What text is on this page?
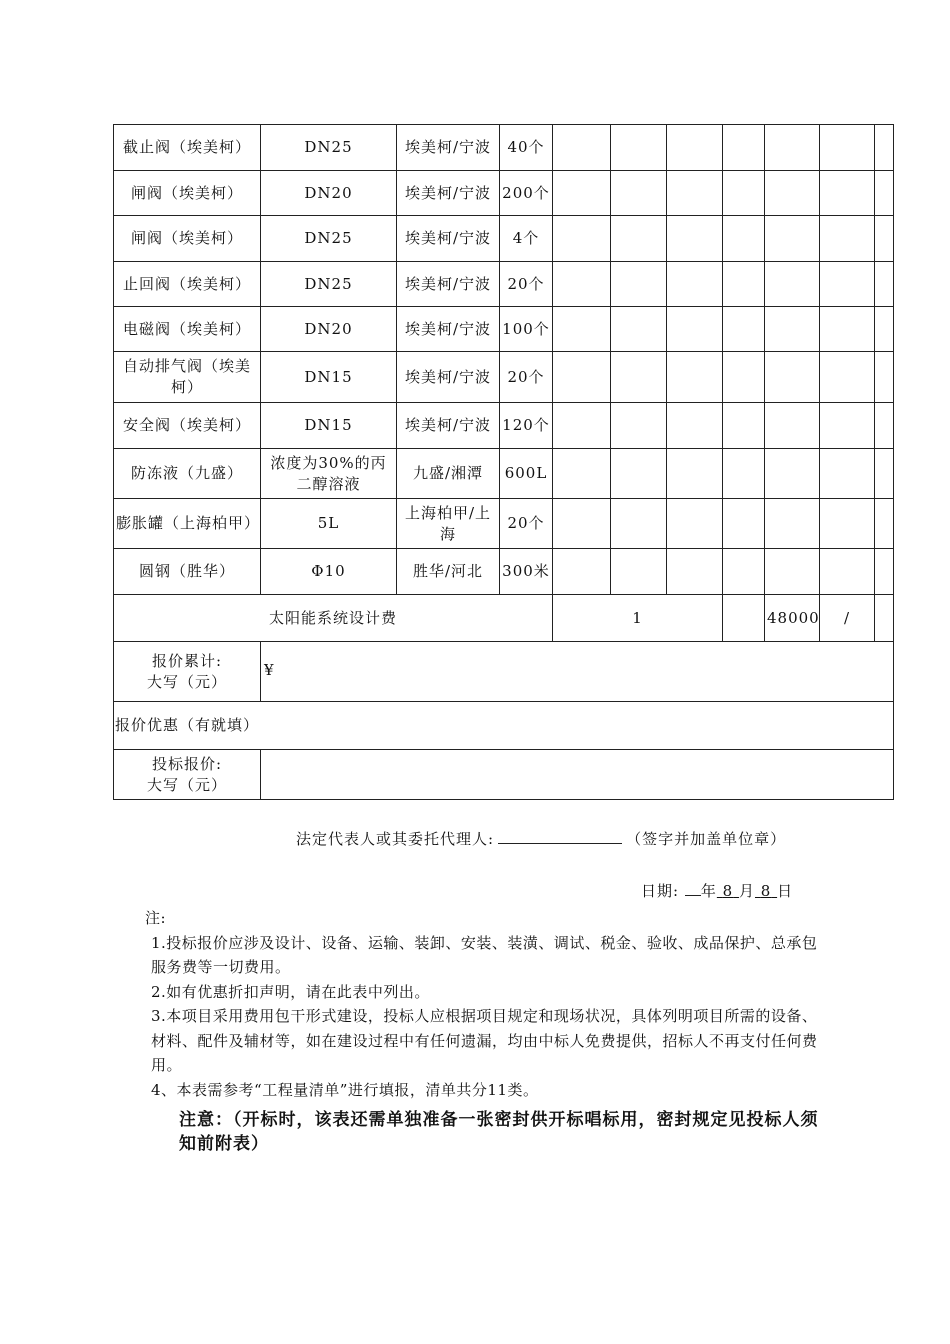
截止阀（埃美柯）	DN25	埃美柯/宁波	40个							
闸阀（埃美柯）	DN20	埃美柯/宁波	200个							
闸阀（埃美柯）	DN25	埃美柯/宁波	4个							
止回阀（埃美柯）	DN25	埃美柯/宁波	20个							
电磁阀（埃美柯）	DN20	埃美柯/宁波	100个							
自动排气阀（埃美柯）	DN15	埃美柯/宁波	20个							
安全阀（埃美柯）	DN15	埃美柯/宁波	120个							
防冻液（九盛）	浓度为30%的丙二醇溶液	九盛/湘潭	600L							
膨胀罐（上海柏甲）	5L	上海柏甲/上海	20个							
圆钢（胜华）	Φ10	胜华/河北	300米							
太阳能系统设计费				1				48000	/	

报价累计:
大写（元）	¥									
报价优惠（有就填）										

投标报价:
大写（元）										

法定代表人或其委托代理人:	（签字并加盖单位章）
日期: 年 8 月 8 日

注:

1.投标报价应涉及设计、设备、运输、装卸、安装、装潢、调试、税金、验收、成品保护、总承包服务费等一切费用。

2.如有优惠折扣声明，请在此表中列出。

3.本项目采用费用包干形式建设，投标人应根据项目规定和现场状况，具体列明项目所需的设备、材料、配件及辅材等，如在建设过程中有任何遗漏，均由中标人免费提供，招标人不再支付任何费用。

4、本表需参考“工程量清单”进行填报，清单共分11类。

注意：（开标时，该表还需单独准备一张密封供开标唱标用，密封规定见投标人须知前附表）
